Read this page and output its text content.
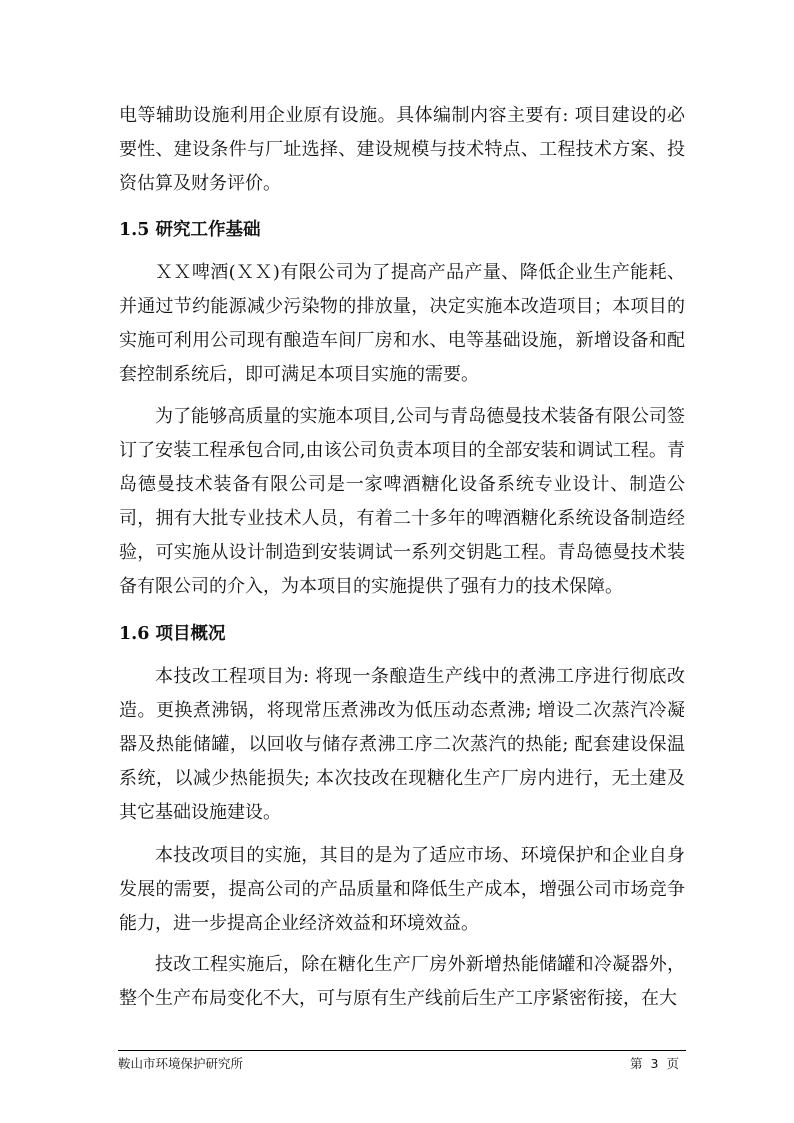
电等辅助设施利用企业原有设施。具体编制内容主要有: 项目建设的必要性、建设条件与厂址选择、建设规模与技术特点、工程技术方案、投资估算及财务评价。

1.5 研究工作基础

ＸＸ啤酒(ＸＸ)有限公司为了提高产品产量、降低企业生产能耗、并通过节约能源减少污染物的排放量，决定实施本改造项目；本项目的实施可利用公司现有酿造车间厂房和水、电等基础设施，新增设备和配套控制系统后，即可满足本项目实施的需要。

为了能够高质量的实施本项目,公司与青岛德曼技术装备有限公司签订了安装工程承包合同,由该公司负责本项目的全部安装和调试工程。青岛德曼技术装备有限公司是一家啤酒糖化设备系统专业设计、制造公司，拥有大批专业技术人员，有着二十多年的啤酒糖化系统设备制造经验，可实施从设计制造到安装调试一系列交钥匙工程。青岛德曼技术装备有限公司的介入，为本项目的实施提供了强有力的技术保障。

1.6 项目概况

本技改工程项目为: 将现一条酿造生产线中的煮沸工序进行彻底改造。更换煮沸锅，将现常压煮沸改为低压动态煮沸; 增设二次蒸汽冷凝器及热能储罐，以回收与储存煮沸工序二次蒸汽的热能; 配套建设保温系统，以减少热能损失; 本次技改在现糖化生产厂房内进行，无土建及其它基础设施建设。

本技改项目的实施，其目的是为了适应市场、环境保护和企业自身发展的需要，提高公司的产品质量和降低生产成本，增强公司市场竞争能力，进一步提高企业经济效益和环境效益。

技改工程实施后，除在糖化生产厂房外新增热能储罐和冷凝器外，整个生产布局变化不大，可与原有生产线前后生产工序紧密衔接，在大

鞍山市环境保护研究所	第 3 页
